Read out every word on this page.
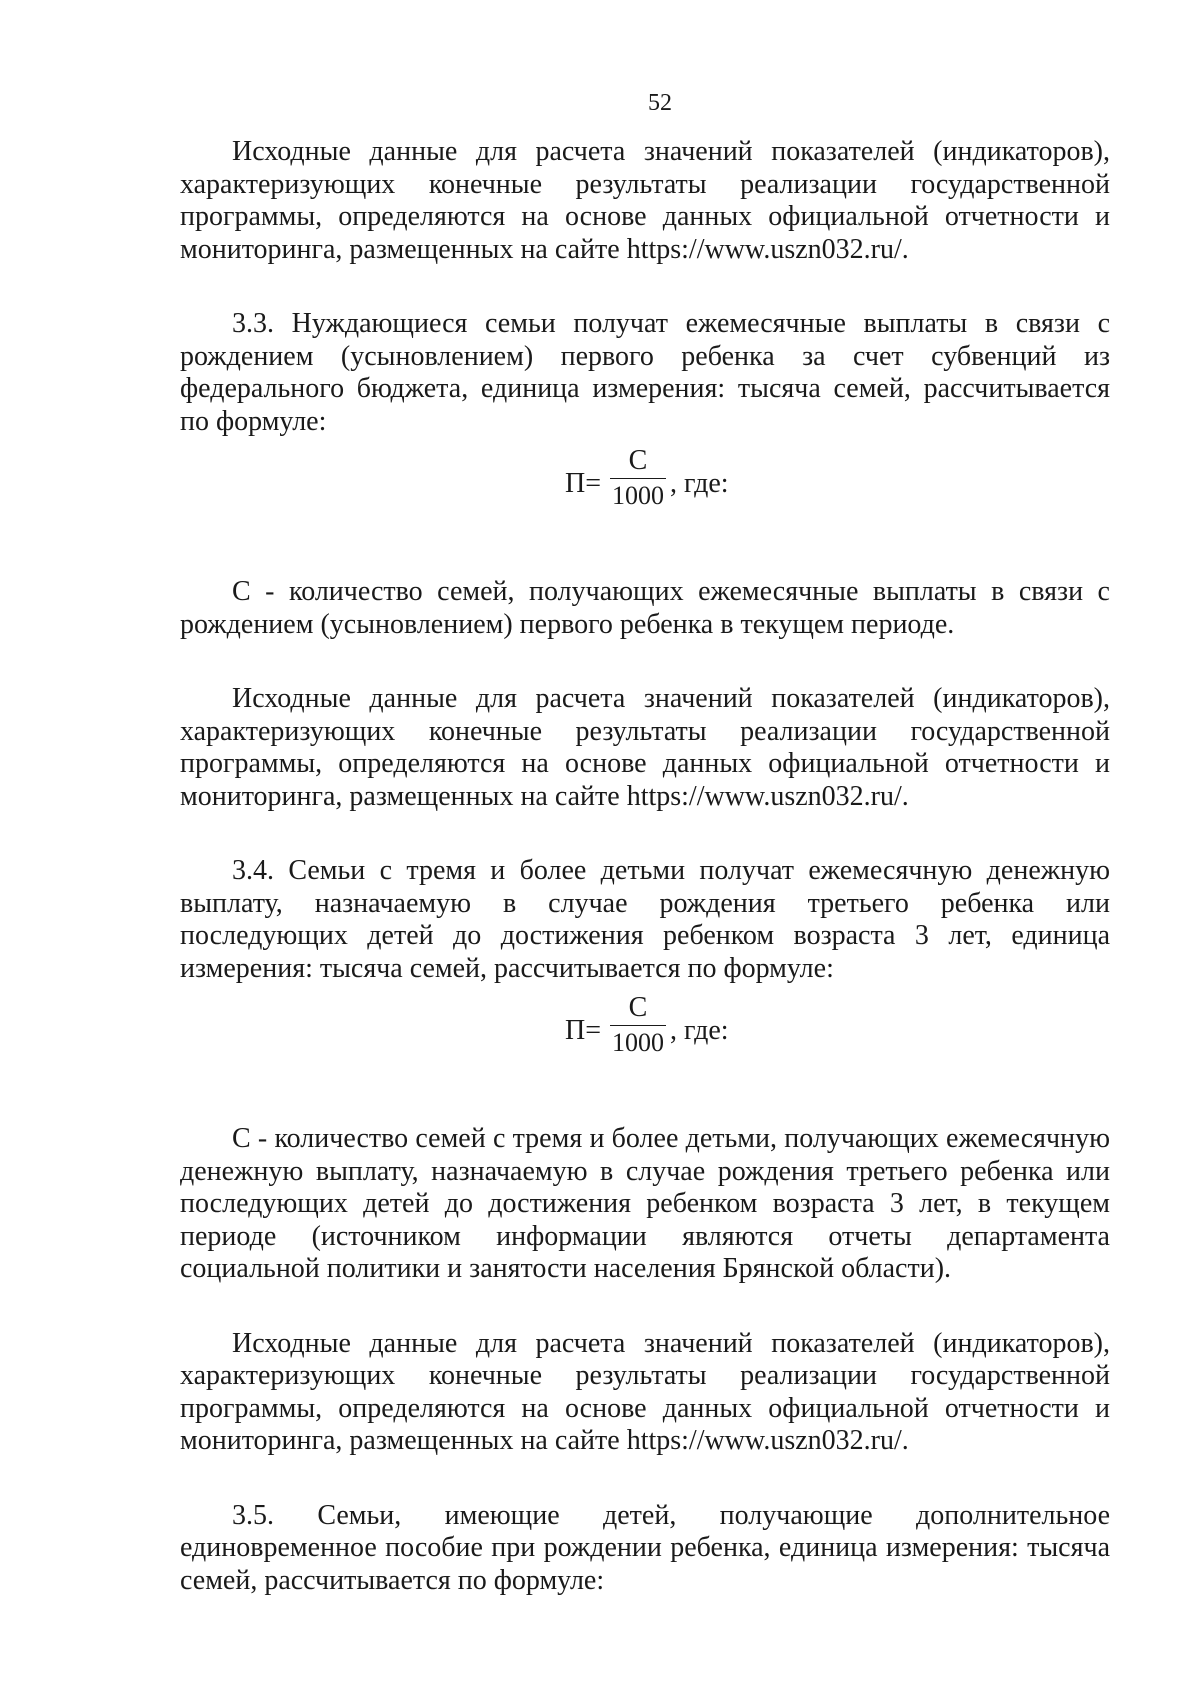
52

Исходные данные для расчета значений показателей (индикаторов), характеризующих конечные результаты реализации государственной программы, определяются на основе данных официальной отчетности и мониторинга, размещенных на сайте https://www.uszn032.ru/.

3.3. Нуждающиеся семьи получат ежемесячные выплаты в связи с рождением (усыновлением) первого ребенка за счет субвенций из федерального бюджета, единица измерения: тысяча семей, рассчитывается по формуле:

П=
С
1000 , где:

С - количество семей, получающих ежемесячные выплаты в связи с рождением (усыновлением) первого ребенка в текущем периоде.

Исходные данные для расчета значений показателей (индикаторов), характеризующих конечные результаты реализации государственной программы, определяются на основе данных официальной отчетности и мониторинга, размещенных на сайте https://www.uszn032.ru/.

3.4. Семьи с тремя и более детьми получат ежемесячную денежную выплату, назначаемую в случае рождения третьего ребенка или последующих детей до достижения ребенком возраста 3 лет, единица измерения: тысяча семей, рассчитывается по формуле:

П=
С
1000 , где:

С - количество семей с тремя и более детьми, получающих ежемесячную денежную выплату, назначаемую в случае рождения третьего ребенка или последующих детей до достижения ребенком возраста 3 лет, в текущем периоде (источником информации являются отчеты департамента социальной политики и занятости населения Брянской области).

Исходные данные для расчета значений показателей (индикаторов), характеризующих конечные результаты реализации государственной программы, определяются на основе данных официальной отчетности и мониторинга, размещенных на сайте https://www.uszn032.ru/.

3.5. Семьи, имеющие детей, получающие дополнительное единовременное пособие при рождении ребенка, единица измерения: тысяча семей, рассчитывается по формуле:
